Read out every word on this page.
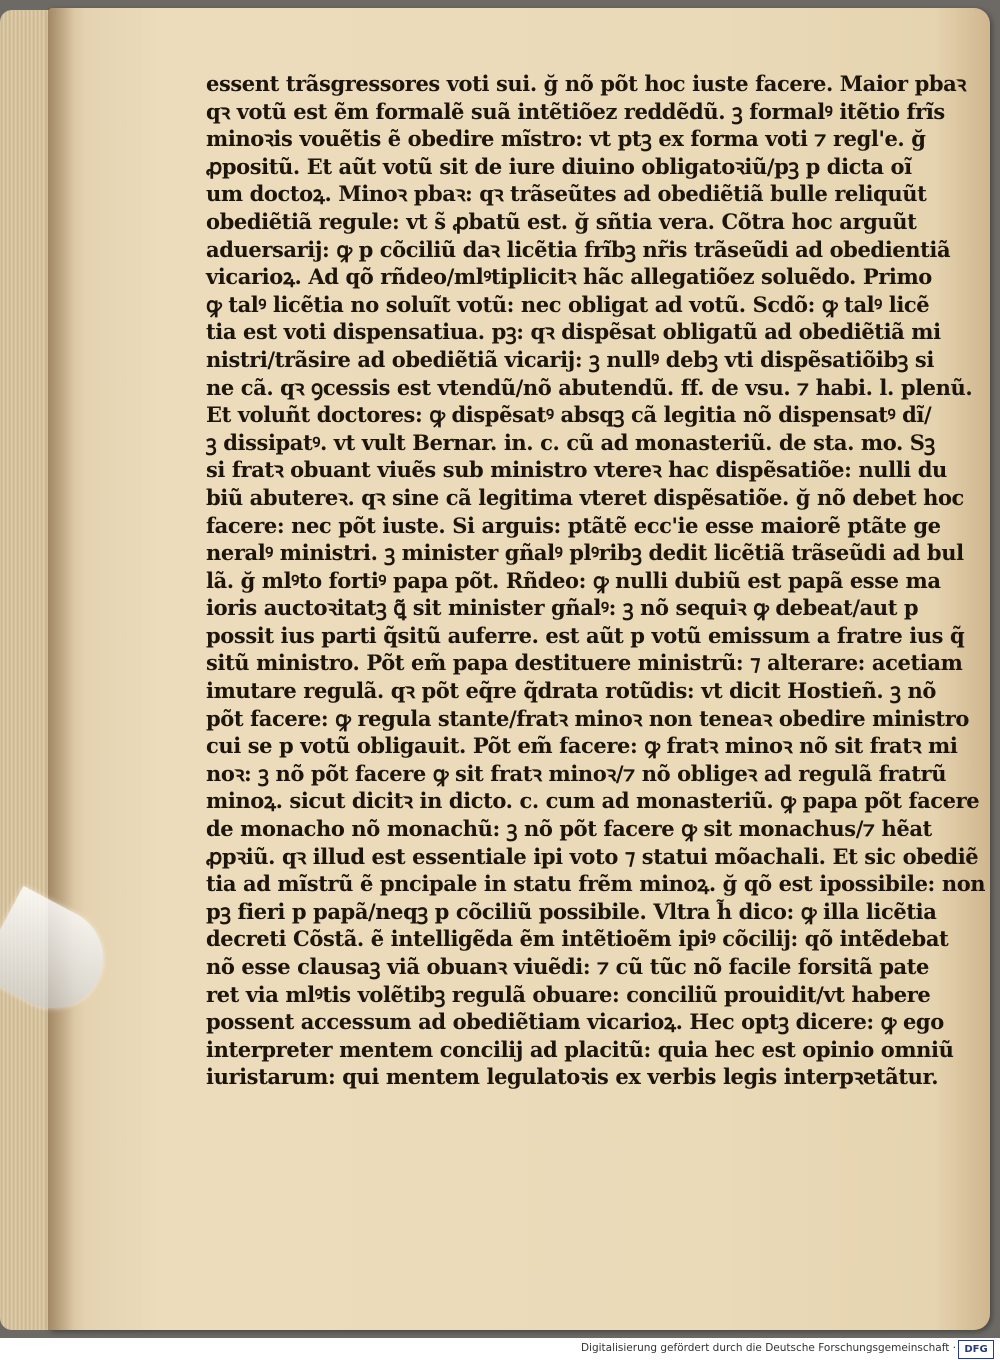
essent trãsgressores voti sui. ğ nõ põt hoc iuste facere. Maior pbaꝛ
qꝛ votũ est ẽm formalẽ suã intẽtiõez reddẽdũ. ꝫ formalꝰ itẽtio frĩs
minoꝛis vouẽtis ẽ obedire mĩstro: vt ptꝫ ex forma voti ⁊ regl'e. ğ
ꝓpositũ. Et aũt votũ sit de iure diuino obligatoꝛiũ/pꝫ p dicta oĩ
um doctoꝝ. Minoꝛ pbaꝛ: qꝛ trãseũtes ad obediẽtiã bulle reliquũt
obediẽtiã regule: vt s̃ ꝓbatũ est. ğ sñtia vera. Cõtra hoc arguũt
aduersarij: ꝙ p cõciliũ daꝛ licẽtia frĩbꝫ nr̃is trãseũdi ad obedientiã
vicarioꝝ. Ad qõ rñdeo/mlꝰtiplicitꝛ hãc allegatiõez soluẽdo. Primo
ꝙ talꝰ licẽtia no soluĩt votũ: nec obligat ad votũ. Scdõ: ꝙ talꝰ licẽ
tia est voti dispensatiua. pꝫ: qꝛ dispẽsat obligatũ ad obediẽtiã mi
nistri/trãsire ad obediẽtiã vicarij: ꝫ nullꝰ debꝫ vti dispẽsatiõibꝫ si
ne cã. qꝛ ꝯcessis est vtendũ/nõ abutendũ. ff. de vsu. ⁊ habi. l. plenũ.
Et voluñt doctores: ꝙ dispẽsatꝰ absqꝫ cã legitia nõ dispensatꝰ dĩ/
ꝫ dissipatꝰ. vt vult Bernar. in. c. cũ ad monasteriũ. de sta. mo. Sꝫ
si fratꝛ obuant viuẽs sub ministro vtereꝛ hac dispẽsatiõe: nulli du
biũ abutereꝛ. qꝛ sine cã legitima vteret dispẽsatiõe. ğ nõ debet hoc
facere: nec põt iuste. Si arguis: ptãtẽ ecc'ie esse maiorẽ ptãte ge
neralꝰ ministri. ꝫ minister gñalꝰ plꝰribꝫ dedit licẽtiã trãseũdi ad bul
lã. ğ mlꝰto fortiꝰ papa põt. Rñdeo: ꝙ nulli dubiũ est papã esse ma
ioris auctoꝛitatꝫ ꝗ̃ sit minister gñalꝰ: ꝫ nõ sequiꝛ ꝙ debeat/aut p
possit ius parti q̃sitũ auferre. est aũt p votũ emissum a fratre ius q̃
sitũ ministro. Põt em̃ papa destituere ministrũ: ⁊ alterare: acetiam
imutare regulã. qꝛ põt eq̃re q̃drata rotũdis: vt dicit Hostieñ. ꝫ nõ
põt facere: ꝙ regula stante/fratꝛ minoꝛ non teneaꝛ obedire ministro
cui se p votũ obligauit. Põt em̃ facere: ꝙ fratꝛ minoꝛ nõ sit fratꝛ mi
noꝛ: ꝫ nõ põt facere ꝙ sit fratꝛ minoꝛ/⁊ nõ obligeꝛ ad regulã fratrũ
minoꝝ. sicut dicitꝛ in dicto. c. cum ad monasteriũ. ꝙ papa põt facere
de monacho nõ monachũ: ꝫ nõ põt facere ꝙ sit monachus/⁊ hẽat
ꝓpꝛiũ. qꝛ illud est essentiale ipi voto ⁊ statui mõachali. Et sic obediẽ
tia ad mĩstrũ ẽ pncipale in statu frẽm minoꝝ. ğ qõ est ipossibile: non
pꝫ fieri p papã/neqꝫ p cõciliũ possibile. Vltra h̃ dico: ꝙ illa licẽtia
decreti Cõstã. ẽ intelligẽda ẽm intẽtioẽm ipiꝰ cõcilij: qõ intẽdebat
nõ esse clausaꝫ viã obuanꝛ viuẽdi: ⁊ cũ tũc nõ facile forsitã pate
ret via mlꝰtis volẽtibꝫ regulã obuare: conciliũ prouidit/vt habere
possent accessum ad obediẽtiam vicarioꝝ. Hec optꝫ dicere: ꝙ ego
interpreter mentem concilij ad placitũ: quia hec est opinio omniũ
iuristarum: qui mentem legulatoꝛis ex verbis legis interpꝛetãtur.
Digitalisierung gefördert durch die Deutsche Forschungsgemeinschaft · DFG
